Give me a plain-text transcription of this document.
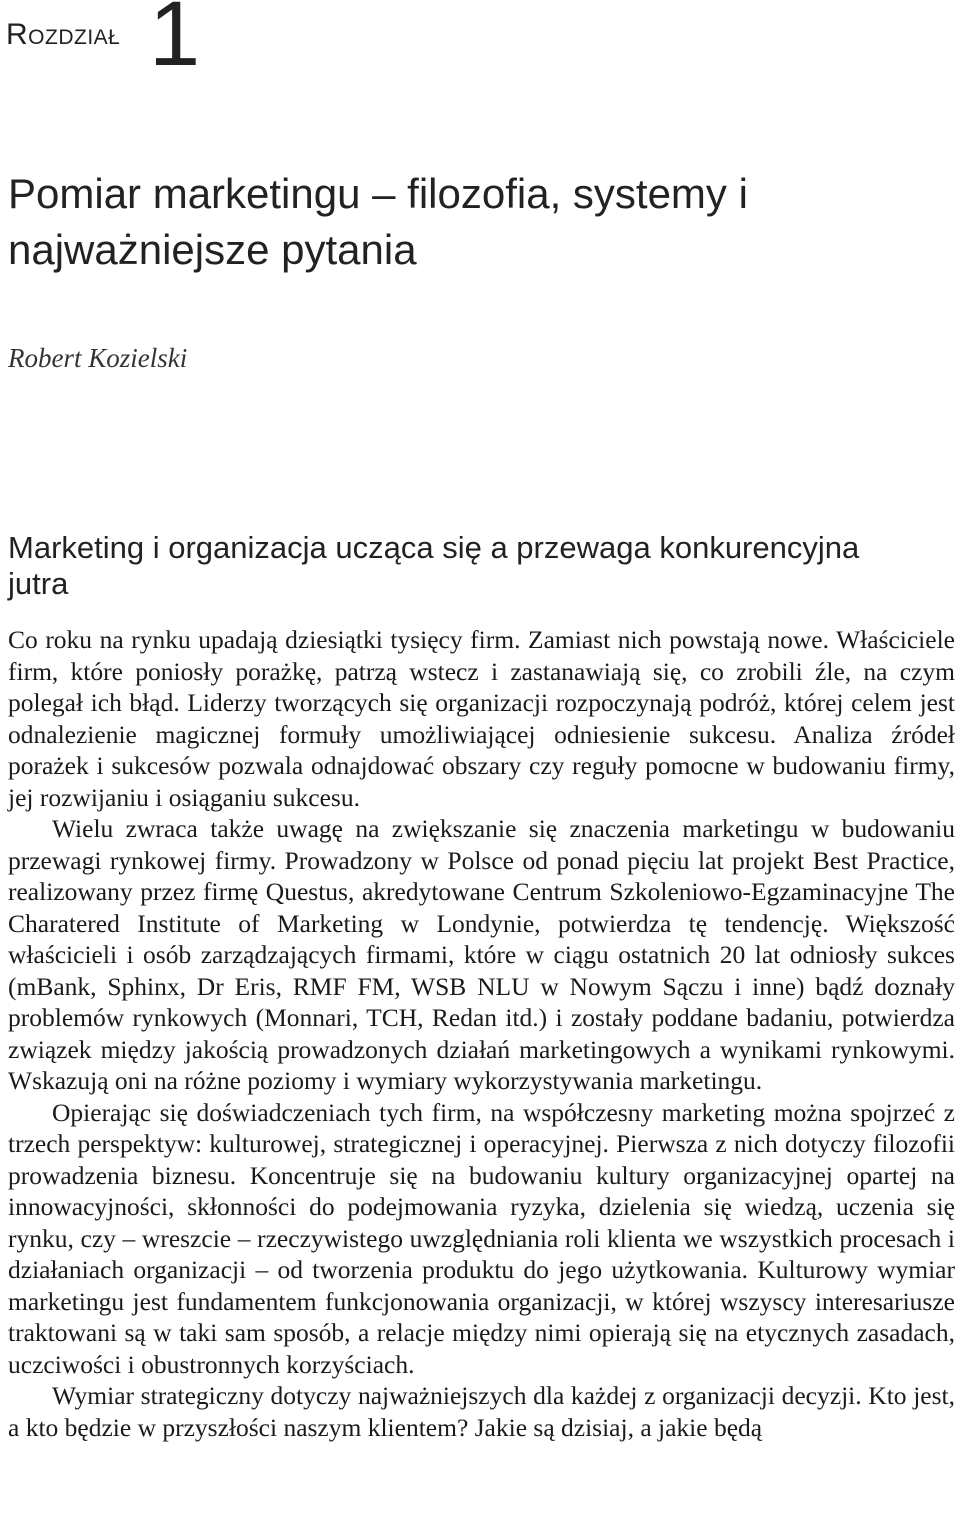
Rozdział 1
Pomiar marketingu – filozofia, systemy i najważniejsze pytania
Robert Kozielski
Marketing i organizacja ucząca się a przewaga konkurencyjna jutra

Co roku na rynku upadają dziesiątki tysięcy firm. Zamiast nich powstają nowe. Właściciele firm, które poniosły porażkę, patrzą wstecz i zastanawiają się, co zrobili źle, na czym polegał ich błąd. Liderzy tworzących się organizacji rozpoczynają podróż, której celem jest odnalezienie magicznej formuły umożliwiającej odniesienie sukcesu. Analiza źródeł porażek i sukcesów pozwala odnajdować obszary czy reguły pomocne w budowaniu firmy, jej rozwijaniu i osiąganiu sukcesu.

Wielu zwraca także uwagę na zwiększanie się znaczenia marketingu w budowaniu przewagi rynkowej firmy. Prowadzony w Polsce od ponad pięciu lat projekt Best Practice, realizowany przez firmę Questus, akredytowane Centrum Szkoleniowo-Egzaminacyjne The Charatered Institute of Marketing w Londynie, potwierdza tę tendencję. Większość właścicieli i osób zarządzających firmami, które w ciągu ostatnich 20 lat odniosły sukces (mBank, Sphinx, Dr Eris, RMF FM, WSB NLU w Nowym Sączu i inne) bądź doznały problemów rynkowych (Monnari, TCH, Redan itd.) i zostały poddane badaniu, potwierdza związek między jakością prowadzonych działań marketingowych a wynikami rynkowymi. Wskazują oni na różne poziomy i wymiary wykorzystywania marketingu.

Opierając się doświadczeniach tych firm, na współczesny marketing można spojrzeć z trzech perspektyw: kulturowej, strategicznej i operacyjnej. Pierwsza z nich dotyczy filozofii prowadzenia biznesu. Koncentruje się na budowaniu kultury organizacyjnej opartej na innowacyjności, skłonności do podejmowania ryzyka, dzielenia się wiedzą, uczenia się rynku, czy – wreszcie – rzeczywistego uwzględniania roli klienta we wszystkich procesach i działaniach organizacji – od tworzenia produktu do jego użytkowania. Kulturowy wymiar marketingu jest fundamentem funkcjonowania organizacji, w której wszyscy interesariusze traktowani są w taki sam sposób, a relacje między nimi opierają się na etycznych zasadach, uczciwości i obustronnych korzyściach.

Wymiar strategiczny dotyczy najważniejszych dla każdej z organizacji decyzji. Kto jest, a kto będzie w przyszłości naszym klientem? Jakie są dzisiaj, a jakie będą
